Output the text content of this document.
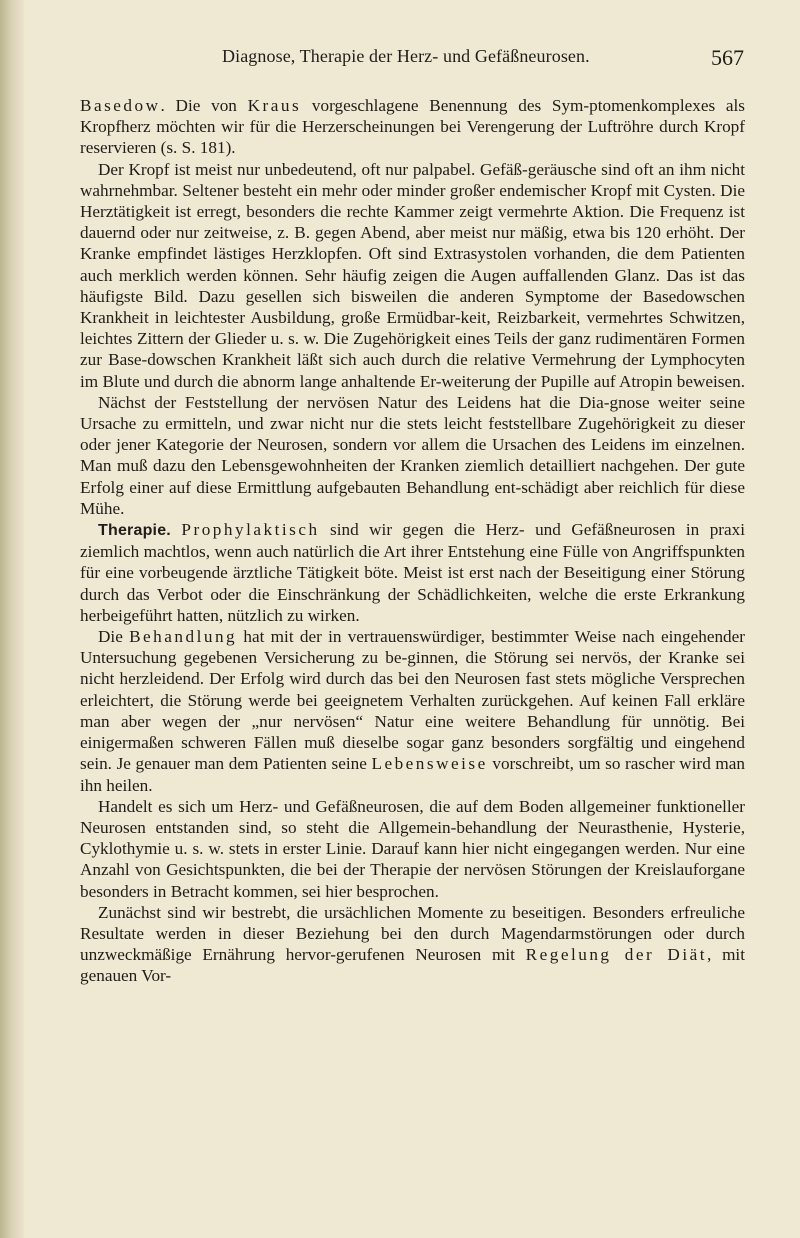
Diagnose, Therapie der Herz- und Gefäßneurosen.	567

Basedow. Die von Kraus vorgeschlagene Benennung des Sym-ptomenkomplexes als Kropfherz möchten wir für die Herzerscheinungen bei Verengerung der Luftröhre durch Kropf reservieren (s. S. 181).

Der Kropf ist meist nur unbedeutend, oft nur palpabel. Gefäß-geräusche sind oft an ihm nicht wahrnehmbar. Seltener besteht ein mehr oder minder großer endemischer Kropf mit Cysten. Die Herztätigkeit ist erregt, besonders die rechte Kammer zeigt vermehrte Aktion. Die Frequenz ist dauernd oder nur zeitweise, z. B. gegen Abend, aber meist nur mäßig, etwa bis 120 erhöht. Der Kranke empfindet lästiges Herzklopfen. Oft sind Extrasystolen vorhanden, die dem Patienten auch merklich werden können. Sehr häufig zeigen die Augen auffallenden Glanz. Das ist das häufigste Bild. Dazu gesellen sich bisweilen die anderen Symptome der Basedowschen Krankheit in leichtester Ausbildung, große Ermüdbar-keit, Reizbarkeit, vermehrtes Schwitzen, leichtes Zittern der Glieder u. s. w. Die Zugehörigkeit eines Teils der ganz rudimentären Formen zur Base-dowschen Krankheit läßt sich auch durch die relative Vermehrung der Lymphocyten im Blute und durch die abnorm lange anhaltende Er-weiterung der Pupille auf Atropin beweisen.

Nächst der Feststellung der nervösen Natur des Leidens hat die Dia-gnose weiter seine Ursache zu ermitteln, und zwar nicht nur die stets leicht feststellbare Zugehörigkeit zu dieser oder jener Kategorie der Neurosen, sondern vor allem die Ursachen des Leidens im einzelnen. Man muß dazu den Lebensgewohnheiten der Kranken ziemlich detailliert nachgehen. Der gute Erfolg einer auf diese Ermittlung aufgebauten Behandlung ent-schädigt aber reichlich für diese Mühe.

Therapie. Prophylaktisch sind wir gegen die Herz- und Gefäßneurosen in praxi ziemlich machtlos, wenn auch natürlich die Art ihrer Entstehung eine Fülle von Angriffspunkten für eine vorbeugende ärztliche Tätigkeit böte. Meist ist erst nach der Beseitigung einer Störung durch das Verbot oder die Einschränkung der Schädlichkeiten, welche die erste Erkrankung herbeigeführt hatten, nützlich zu wirken.

Die Behandlung hat mit der in vertrauenswürdiger, bestimmter Weise nach eingehender Untersuchung gegebenen Versicherung zu be-ginnen, die Störung sei nervös, der Kranke sei nicht herzleidend. Der Erfolg wird durch das bei den Neurosen fast stets mögliche Versprechen erleichtert, die Störung werde bei geeignetem Verhalten zurückgehen. Auf keinen Fall erkläre man aber wegen der „nur nervösen“ Natur eine weitere Behandlung für unnötig. Bei einigermaßen schweren Fällen muß dieselbe sogar ganz besonders sorgfältig und eingehend sein. Je genauer man dem Patienten seine Lebensweise vorschreibt, um so rascher wird man ihn heilen.

Handelt es sich um Herz- und Gefäßneurosen, die auf dem Boden allgemeiner funktioneller Neurosen entstanden sind, so steht die Allgemein-behandlung der Neurasthenie, Hysterie, Cyklothymie u. s. w. stets in erster Linie. Darauf kann hier nicht eingegangen werden. Nur eine Anzahl von Gesichtspunkten, die bei der Therapie der nervösen Störungen der Kreislauforgane besonders in Betracht kommen, sei hier besprochen.

Zunächst sind wir bestrebt, die ursächlichen Momente zu beseitigen. Besonders erfreuliche Resultate werden in dieser Beziehung bei den durch Magendarmstörungen oder durch unzweckmäßige Ernährung hervor-gerufenen Neurosen mit Regelung der Diät, mit genauen Vor-
